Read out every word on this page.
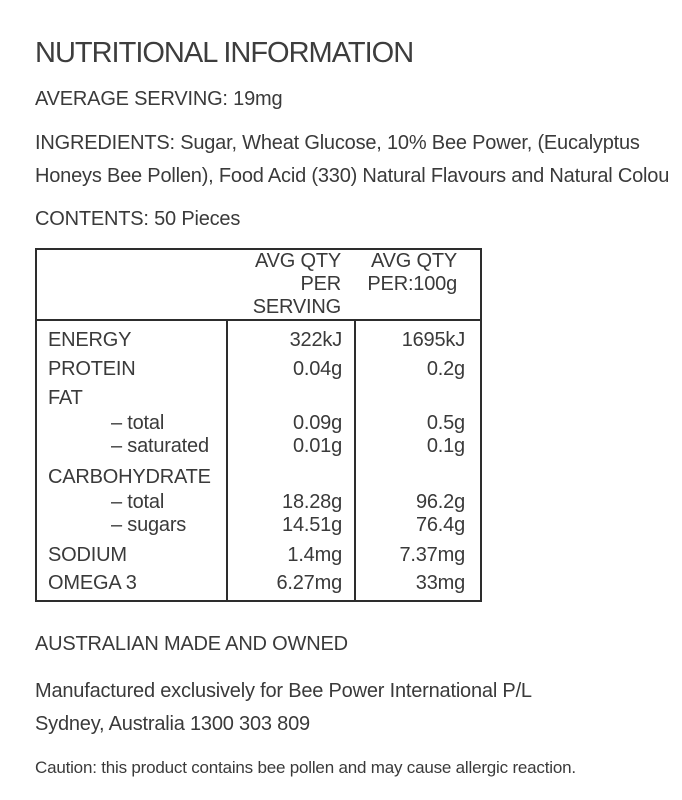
NUTRITIONAL INFORMATION
AVERAGE SERVING: 19mg
INGREDIENTS: Sugar, Wheat Glucose, 10% Bee Power, (Eucalyptus
Honeys Bee Pollen), Food Acid (330) Natural Flavours and Natural Colou
CONTENTS: 50 Pieces

AVG QTY
PER SERVING

AVG QTY
PER:100g

ENERGY	322kJ	1695kJ
PROTEIN	0.04g	0.2g
FAT		
– total	0.09g	0.5g
– saturated	0.01g	0.1g
CARBOHYDRATE		
– total	18.28g	96.2g
– sugars	14.51g	76.4g
SODIUM	1.4mg	7.37mg
OMEGA 3	6.27mg	33mg
AUSTRALIAN MADE AND OWNED
Manufactured exclusively for Bee Power International P/L
Sydney, Australia 1300 303 809
Caution: this product contains bee pollen and may cause allergic reaction.
